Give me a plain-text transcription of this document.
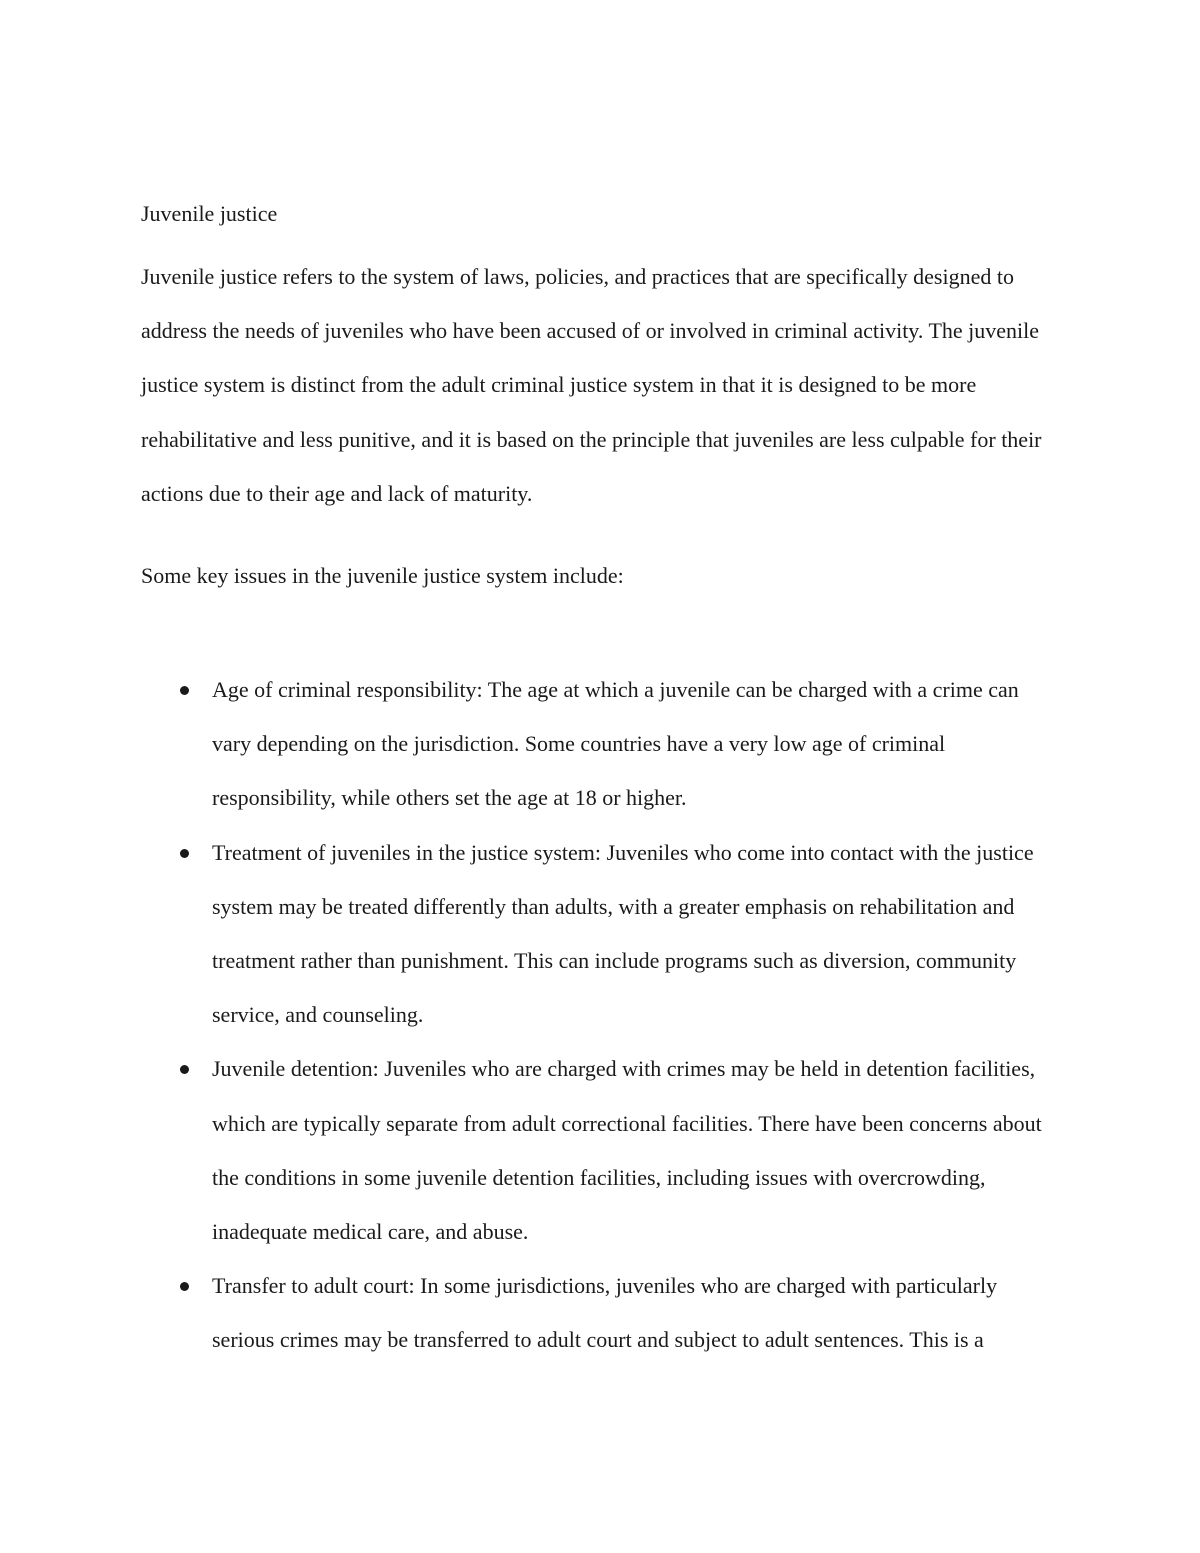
Juvenile justice

Juvenile justice refers to the system of laws, policies, and practices that are specifically designed to address the needs of juveniles who have been accused of or involved in criminal activity. The juvenile justice system is distinct from the adult criminal justice system in that it is designed to be more rehabilitative and less punitive, and it is based on the principle that juveniles are less culpable for their actions due to their age and lack of maturity.

Some key issues in the juvenile justice system include:

Age of criminal responsibility: The age at which a juvenile can be charged with a crime can vary depending on the jurisdiction. Some countries have a very low age of criminal responsibility, while others set the age at 18 or higher.
Treatment of juveniles in the justice system: Juveniles who come into contact with the justice system may be treated differently than adults, with a greater emphasis on rehabilitation and treatment rather than punishment. This can include programs such as diversion, community service, and counseling.
Juvenile detention: Juveniles who are charged with crimes may be held in detention facilities, which are typically separate from adult correctional facilities. There have been concerns about the conditions in some juvenile detention facilities, including issues with overcrowding, inadequate medical care, and abuse.
Transfer to adult court: In some jurisdictions, juveniles who are charged with particularly serious crimes may be transferred to adult court and subject to adult sentences. This is a
